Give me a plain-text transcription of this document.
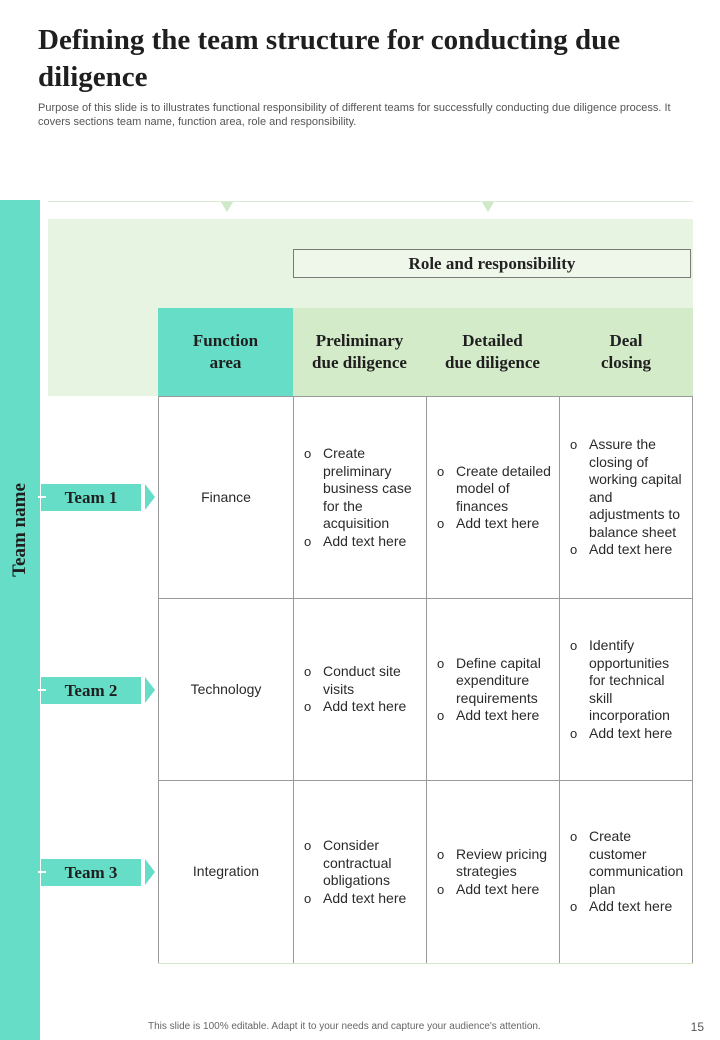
Defining the team structure for conducting due diligence
Purpose of this slide is to illustrates functional responsibility of different teams for successfully conducting due diligence process. It covers sections team name, function area, role and responsibility.
Team name
Role and responsibility
Function
area
Preliminary
due diligence
Detailed
due diligence
Deal
closing
Finance
o Create preliminary business case for the acquisition
o Add text here
o Create detailed model of finances
o Add text here
o Assure the closing of working capital and adjustments to balance sheet
o Add text here
Technology
o Conduct site visits
o Add text here
o Define capital expenditure requirements
o Add text here
o Identify opportunities for technical skill incorporation
o Add text here
Integration
o Consider contractual obligations
o Add text here
o Review pricing strategies
o Add text here
o Create customer communication plan
o Add text here
Team 1
Team 2
Team 3
This slide is 100% editable. Adapt it to your needs and capture your audience's attention.	15
